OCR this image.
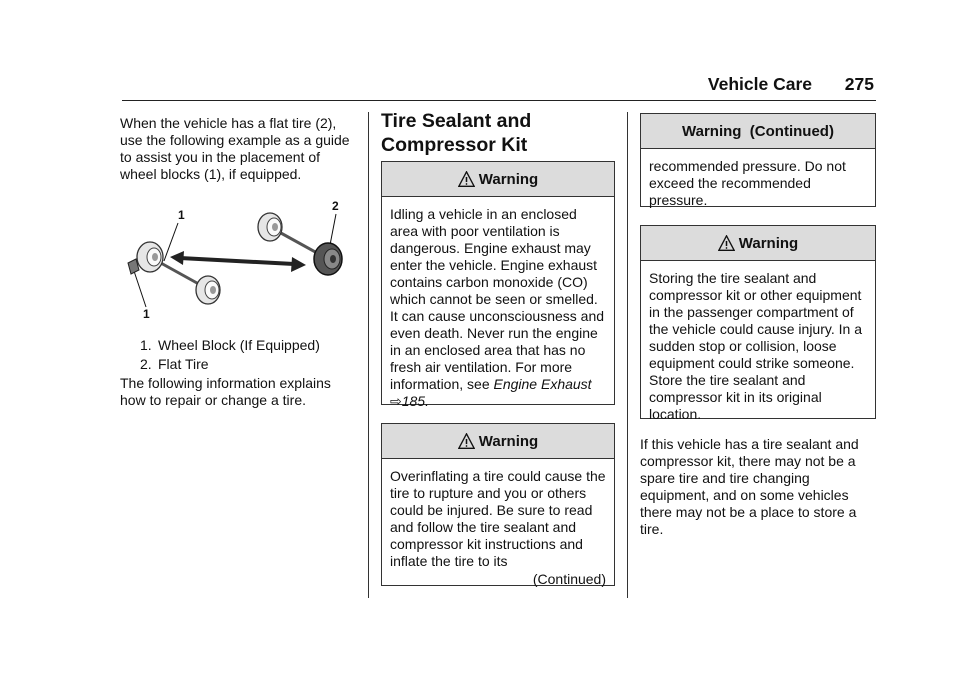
Vehicle Care 275

When the vehicle has a flat tire (2), use the following example as a guide to assist you in the placement of wheel blocks (1), if equipped.

1
2
1
1. Wheel Block (If Equipped)
2. Flat Tire

The following information explains how to repair or change a tire.

Tire Sealant and
Compressor Kit
Warning
Idling a vehicle in an enclosed area with poor ventilation is dangerous. Engine exhaust may enter the vehicle. Engine exhaust contains carbon monoxide (CO) which cannot be seen or smelled. It can cause unconsciousness and even death. Never run the engine in an enclosed area that has no fresh air ventilation. For more information, see Engine Exhaust ⇨185.
Warning
Overinflating a tire could cause the tire to rupture and you or others could be injured. Be sure to read and follow the tire sealant and compressor kit instructions and inflate the tire to its
(Continued)
Warning  (Continued)
recommended pressure. Do not exceed the recommended pressure.
Warning
Storing the tire sealant and compressor kit or other equipment in the passenger compartment of the vehicle could cause injury. In a sudden stop or collision, loose equipment could strike someone. Store the tire sealant and compressor kit in its original location.

If this vehicle has a tire sealant and compressor kit, there may not be a spare tire and tire changing equipment, and on some vehicles there may not be a place to store a tire.
